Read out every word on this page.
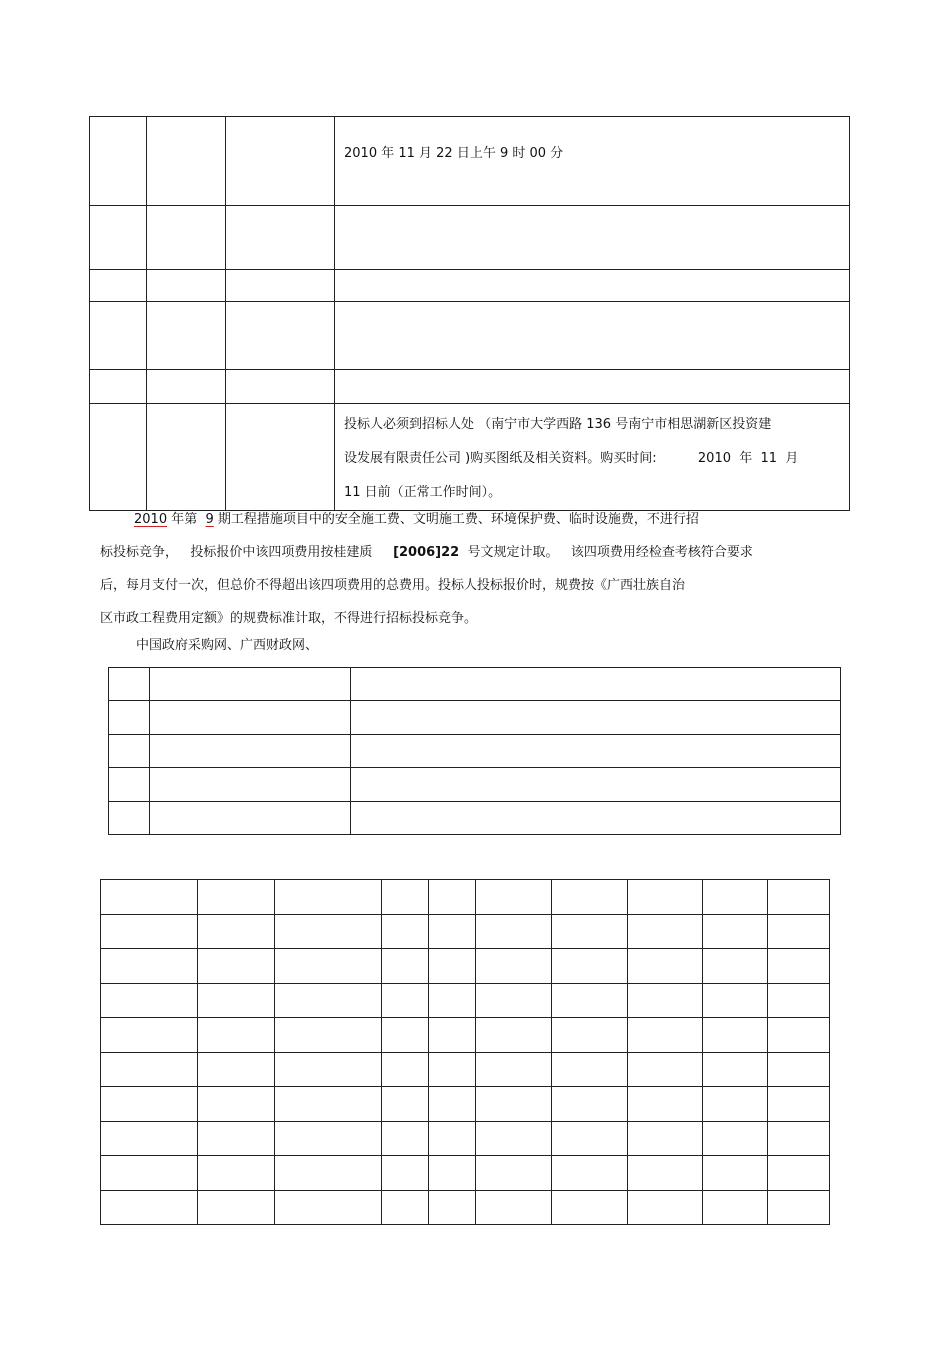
			2010 年 11 月 22 日上午 9 时 00 分

			投标人必须到招标人处 （南宁市大学西路 136 号南宁市相思湖新区投资建
设发展有限责任公司 )购买图纸及相关资料。购买时间:          2010  年  11  月
11 日前（正常工作时间）。
2010 年第  9 期工程措施项目中的安全施工费、文明施工费、环境保护费、临时设施费，不进行招
标投标竞争，   投标报价中该四项费用按桂建质     [2006]22  号文规定计取。   该四项费用经检查考核符合要求
后，每月支付一次，但总价不得超出该四项费用的总费用。投标人投标报价时，规费按《广西壮族自治
区市政工程费用定额》的规费标准计取，不得进行招标投标竞争。
中国政府采购网、广西财政网、
